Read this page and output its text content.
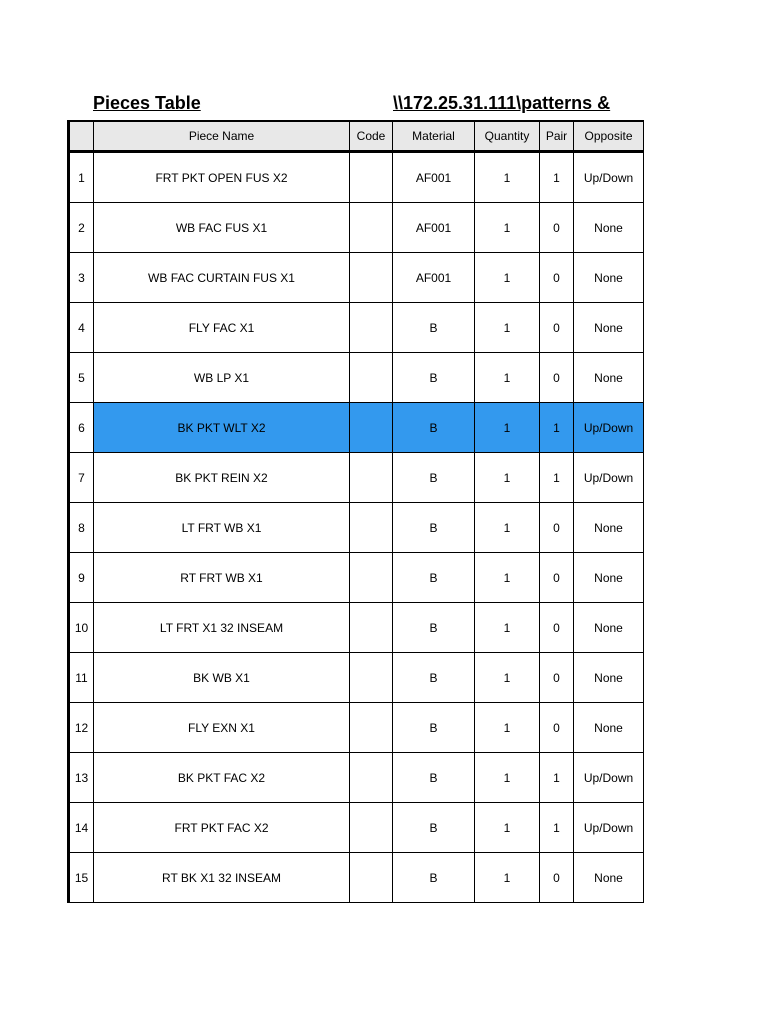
Pieces Table	\\172.25.31.111\patterns &
	Piece Name	Code	Material	Quantity	Pair	Opposite
1	FRT PKT OPEN FUS X2		AF001	1	1	Up/Down
2	WB FAC FUS X1		AF001	1	0	None
3	WB FAC CURTAIN FUS X1		AF001	1	0	None
4	FLY FAC X1		B	1	0	None
5	WB LP X1		B	1	0	None
6	BK PKT WLT X2		B	1	1	Up/Down
7	BK PKT REIN X2		B	1	1	Up/Down
8	LT FRT WB X1		B	1	0	None
9	RT FRT WB X1		B	1	0	None
10	LT FRT X1 32 INSEAM		B	1	0	None
11	BK WB X1		B	1	0	None
12	FLY EXN X1		B	1	0	None
13	BK PKT FAC X2		B	1	1	Up/Down
14	FRT PKT FAC X2		B	1	1	Up/Down
15	RT BK X1 32 INSEAM		B	1	0	None
